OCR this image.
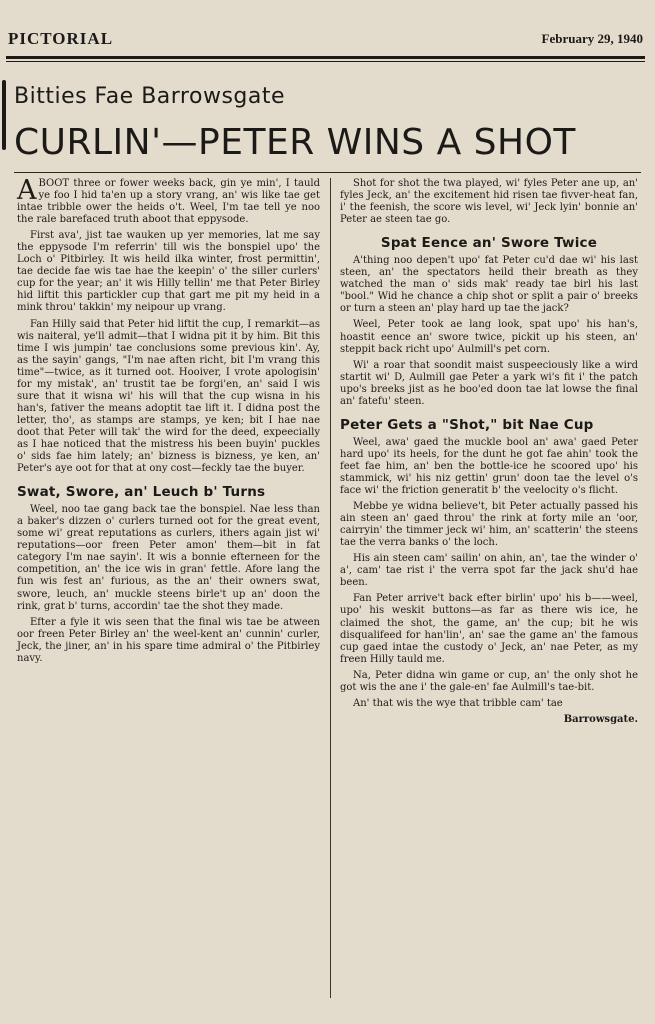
PICTORIAL	February 29, 1940
Bitties Fae Barrowsgate
CURLIN'—PETER WINS A SHOT

ABOOT three or fower weeks back, gin ye min', I tauld ye foo I hid ta'en up a story vrang, an' wis like tae get intae tribble ower the heids o't. Weel, I'm tae tell ye noo the rale barefaced truth aboot that eppysode.

First ava', jist tae wauken up yer memories, lat me say the eppysode I'm referrin' till wis the bonspiel upo' the Loch o' Pitbirley. It wis heild ilka winter, frost permittin', tae decide fae wis tae hae the keepin' o' the siller curlers' cup for the year; an' it wis Hilly tellin' me that Peter Birley hid liftit this partickler cup that gart me pit my heid in a mink throu' takkin' my neipour up vrang.

Fan Hilly said that Peter hid liftit the cup, I remarkit—as wis naiteral, ye'll admit—that I widna pit it by him. Bit this time I wis jumpin' tae conclusions some previous kin'. Ay, as the sayin' gangs, "I'm nae aften richt, bit I'm vrang this time"—twice, as it turned oot. Hooiver, I vrote apologisin' for my mistak', an' trustit tae be forgi'en, an' said I wis sure that it wisna wi' his will that the cup wisna in his han's, fativer the means adoptit tae lift it. I didna post the letter, tho', as stamps are stamps, ye ken; bit I hae nae doot that Peter will tak' the wird for the deed, expeecially as I hae noticed that the mistress his been buyin' puckles o' sids fae him lately; an' bizness is bizness, ye ken, an' Peter's aye oot for that at ony cost—feckly tae the buyer.

Swat, Swore, an' Leuch b' Turns

Weel, noo tae gang back tae the bonspiel. Nae less than a baker's dizzen o' curlers turned oot for the great event, some wi' great reputations as curlers, ithers again jist wi' reputations—oor freen Peter amon' them—bit in fat category I'm nae sayin'. It wis a bonnie efterneen for the competition, an' the ice wis in gran' fettle. Afore lang the fun wis fest an' furious, as the an' their owners swat, swore, leuch, an' muckle steens birle't up an' doon the rink, grat b' turns, accordin' tae the shot they made.

Efter a fyle it wis seen that the final wis tae be atween oor freen Peter Birley an' the weel-kent an' cunnin' curler, Jeck, the jiner, an' in his spare time admiral o' the Pitbirley navy.

Shot for shot the twa played, wi' fyles Peter ane up, an' fyles Jeck, an' the excitement hid risen tae fivver-heat fan, i' the feenish, the score wis level, wi' Jeck lyin' bonnie an' Peter ae steen tae go.

Spat Eence an' Swore Twice

A'thing noo depen't upo' fat Peter cu'd dae wi' his last steen, an' the spectators heild their breath as they watched the man o' sids mak' ready tae birl his last "bool." Wid he chance a chip shot or split a pair o' breeks or turn a steen an' play hard up tae the jack?

Weel, Peter took ae lang look, spat upo' his han's, hoastit eence an' swore twice, pickit up his steen, an' steppit back richt upo' Aulmill's pet corn.

Wi' a roar that soondit maist suspeeciously like a wird startit wi' D, Aulmill gae Peter a yark wi's fit i' the patch upo's breeks jist as he boo'ed doon tae lat lowse the final an' fatefu' steen.

Peter Gets a "Shot," bit Nae Cup

Weel, awa' gaed the muckle bool an' awa' gaed Peter hard upo' its heels, for the dunt he got fae ahin' took the feet fae him, an' ben the bottle-ice he scoored upo' his stammick, wi' his niz gettin' grun' doon tae the level o's face wi' the friction generatit b' the veelocity o's flicht.

Mebbe ye widna believe't, bit Peter actually passed his ain steen an' gaed throu' the rink at forty mile an 'oor, cairryin' the timmer jeck wi' him, an' scatterin' the steens tae the verra banks o' the loch.

His ain steen cam' sailin' on ahin, an', tae the winder o' a', cam' tae rist i' the verra spot far the jack shu'd hae been.

Fan Peter arrive't back efter birlin' upo' his b——weel, upo' his weskit buttons—as far as there wis ice, he claimed the shot, the game, an' the cup; bit he wis disqualifeed for han'lin', an' sae the game an' the famous cup gaed intae the custody o' Jeck, an' nae Peter, as my freen Hilly tauld me.

Na, Peter didna win game or cup, an' the only shot he got wis the ane i' the gale-en' fae Aulmill's tae-bit.

An' that wis the wye that tribble cam' tae

Barrowsgate.
